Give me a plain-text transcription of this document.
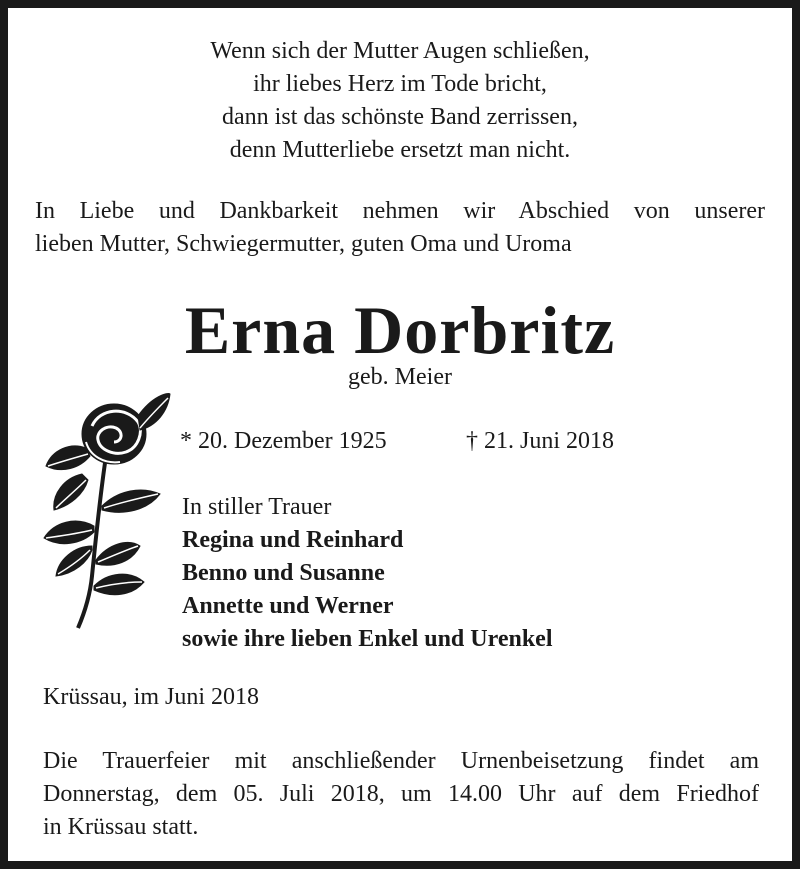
Wenn sich der Mutter Augen schließen,
ihr liebes Herz im Tode bricht,
dann ist das schönste Band zerrissen,
denn Mutterliebe ersetzt man nicht.
In Liebe und Dankbarkeit nehmen wir Abschied von unserer
lieben Mutter, Schwiegermutter, guten Oma und Uroma
Erna Dorbritz
geb. Meier
* 20. Dezember 1925	† 21. Juni 2018
In stiller Trauer
Regina und Reinhard
Benno und Susanne
Annette und Werner
sowie ihre lieben Enkel und Urenkel
Krüssau, im Juni 2018
Die Trauerfeier mit anschließender Urnenbeisetzung findet am
Donnerstag, dem 05. Juli 2018, um 14.00 Uhr auf dem Friedhof
in Krüssau statt.
